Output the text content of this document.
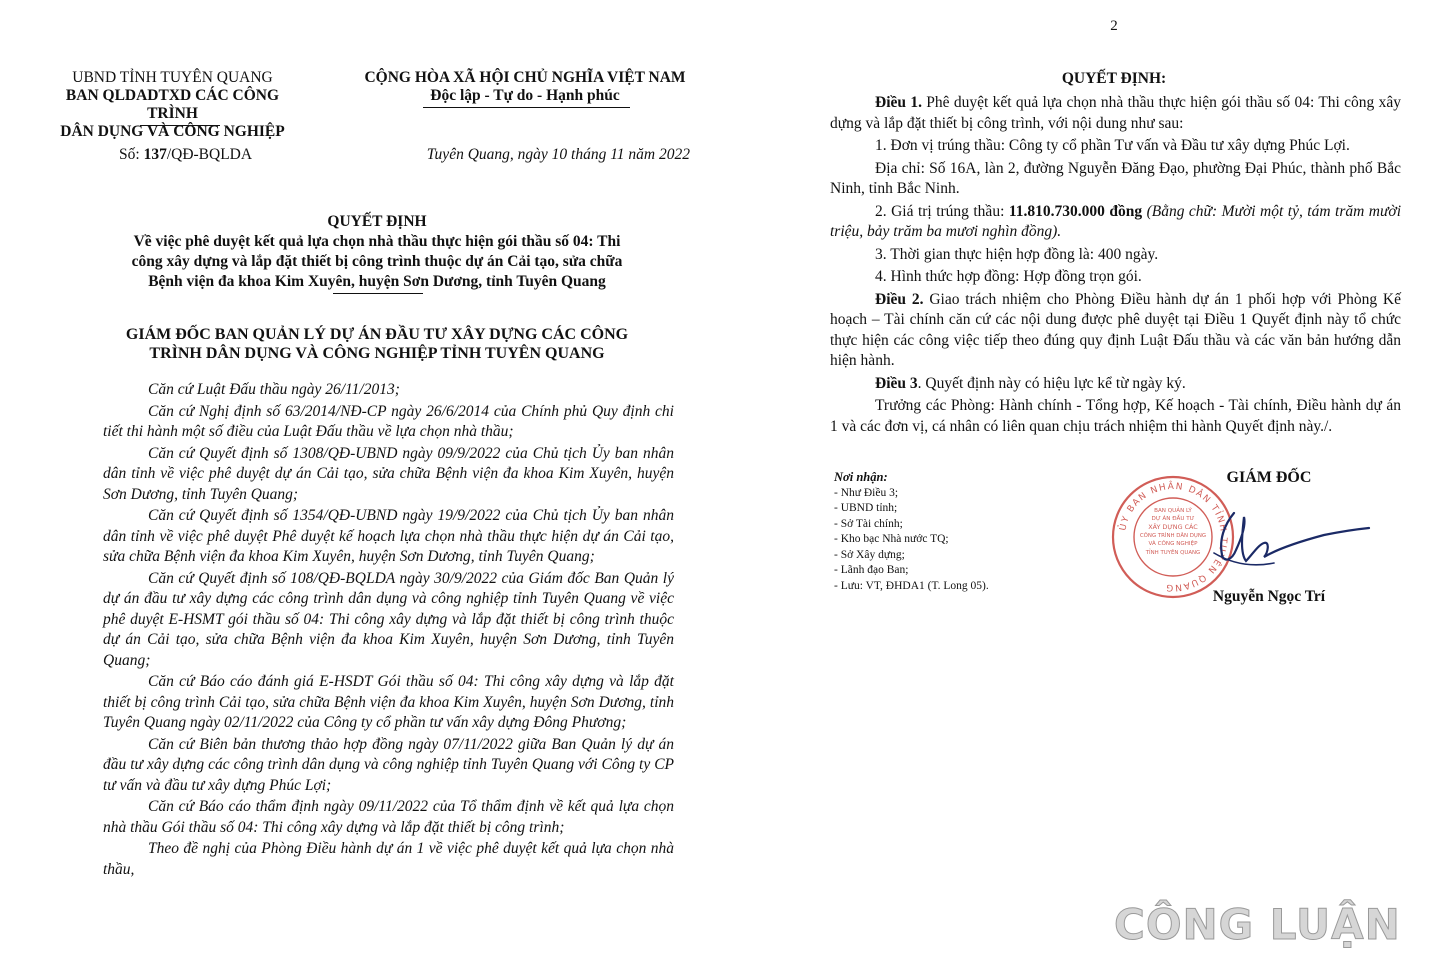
UBND TỈNH TUYÊN QUANG
BAN QLDADTXD CÁC CÔNG TRÌNH
DÂN DỤNG VÀ CÔNG NGHIỆP
CỘNG HÒA XÃ HỘI CHỦ NGHĨA VIỆT NAM
Độc lập - Tự do - Hạnh phúc
Số: 137/QĐ-BQLDA	Tuyên Quang, ngày 10 tháng 11 năm 2022
QUYẾT ĐỊNH
Về việc phê duyệt kết quả lựa chọn nhà thầu thực hiện gói thầu số 04: Thi
công xây dựng và lắp đặt thiết bị công trình thuộc dự án Cải tạo, sửa chữa
Bệnh viện đa khoa Kim Xuyên, huyện Sơn Dương, tỉnh Tuyên Quang
GIÁM ĐỐC BAN QUẢN LÝ DỰ ÁN ĐẦU TƯ XÂY DỰNG CÁC CÔNG
TRÌNH DÂN DỤNG VÀ CÔNG NGHIỆP TỈNH TUYÊN QUANG

Căn cứ Luật Đấu thầu ngày 26/11/2013;

Căn cứ Nghị định số 63/2014/NĐ-CP ngày 26/6/2014 của Chính phủ Quy định chi tiết thi hành một số điều của Luật Đấu thầu về lựa chọn nhà thầu;

Căn cứ Quyết định số 1308/QĐ-UBND ngày 09/9/2022 của Chủ tịch Ủy ban nhân dân tỉnh về việc phê duyệt dự án Cải tạo, sửa chữa Bệnh viện đa khoa Kim Xuyên, huyện Sơn Dương, tỉnh Tuyên Quang;

Căn cứ Quyết định số 1354/QĐ-UBND ngày 19/9/2022 của Chủ tịch Ủy ban nhân dân tỉnh về việc phê duyệt Phê duyệt kế hoạch lựa chọn nhà thầu thực hiện dự án Cải tạo, sửa chữa Bệnh viện đa khoa Kim Xuyên, huyện Sơn Dương, tỉnh Tuyên Quang;

Căn cứ Quyết định số 108/QĐ-BQLDA ngày 30/9/2022 của Giám đốc Ban Quản lý dự án đầu tư xây dựng các công trình dân dụng và công nghiệp tỉnh Tuyên Quang về việc phê duyệt E-HSMT gói thầu số 04: Thi công xây dựng và lắp đặt thiết bị công trình thuộc dự án Cải tạo, sửa chữa Bệnh viện đa khoa Kim Xuyên, huyện Sơn Dương, tỉnh Tuyên Quang;

Căn cứ Báo cáo đánh giá E-HSDT Gói thầu số 04: Thi công xây dựng và lắp đặt thiết bị công trình Cải tạo, sửa chữa Bệnh viện đa khoa Kim Xuyên, huyện Sơn Dương, tỉnh Tuyên Quang ngày 02/11/2022 của Công ty cổ phần tư vấn xây dựng Đông Phương;

Căn cứ Biên bản thương thảo hợp đồng ngày 07/11/2022 giữa Ban Quản lý dự án đầu tư xây dựng các công trình dân dụng và công nghiệp tỉnh Tuyên Quang với Công ty CP tư vấn và đầu tư xây dựng Phúc Lợi;

Căn cứ Báo cáo thẩm định ngày 09/11/2022 của Tổ thẩm định về kết quả lựa chọn nhà thầu Gói thầu số 04: Thi công xây dựng và lắp đặt thiết bị công trình;

Theo đề nghị của Phòng Điều hành dự án 1 về việc phê duyệt kết quả lựa chọn nhà thầu,

2
QUYẾT ĐỊNH:

Điều 1. Phê duyệt kết quả lựa chọn nhà thầu thực hiện gói thầu số 04: Thi công xây dựng và lắp đặt thiết bị công trình, với nội dung như sau:

1. Đơn vị trúng thầu: Công ty cổ phần Tư vấn và Đầu tư xây dựng Phúc Lợi.

Địa chỉ: Số 16A, làn 2, đường Nguyễn Đăng Đạo, phường Đại Phúc, thành phố Bắc Ninh, tỉnh Bắc Ninh.

2. Giá trị trúng thầu: 11.810.730.000 đồng (Bằng chữ: Mười một tỷ, tám trăm mười triệu, bảy trăm ba mươi nghìn đồng).

3. Thời gian thực hiện hợp đồng là: 400 ngày.

4. Hình thức hợp đồng: Hợp đồng trọn gói.

Điều 2. Giao trách nhiệm cho Phòng Điều hành dự án 1 phối hợp với Phòng Kế hoạch – Tài chính căn cứ các nội dung được phê duyệt tại Điều 1 Quyết định này tổ chức thực hiện các công việc tiếp theo đúng quy định Luật Đấu thầu và các văn bản hướng dẫn hiện hành.

Điều 3. Quyết định này có hiệu lực kể từ ngày ký.

Trưởng các Phòng: Hành chính - Tổng hợp, Kế hoạch - Tài chính, Điều hành dự án 1 và các đơn vị, cá nhân có liên quan chịu trách nhiệm thi hành Quyết định này./.

Nơi nhận:
- Như Điều 3;
- UBND tỉnh;
- Sở Tài chính;
- Kho bạc Nhà nước TQ;
- Sở Xây dựng;
- Lãnh đạo Ban;
- Lưu: VT, ĐHDA1 (T. Long 05).
GIÁM ĐỐC
ỦY BAN NHÂN DÂN TỈNH TUYÊN QUANG
BAN QUẢN LÝ
DỰ ÁN ĐẦU TƯ
XÂY DỰNG CÁC
CÔNG TRÌNH DÂN DỤNG
VÀ CÔNG NGHIỆP
TỈNH TUYÊN QUANG
Nguyễn Ngọc Trí
CÔNG LUẬN
